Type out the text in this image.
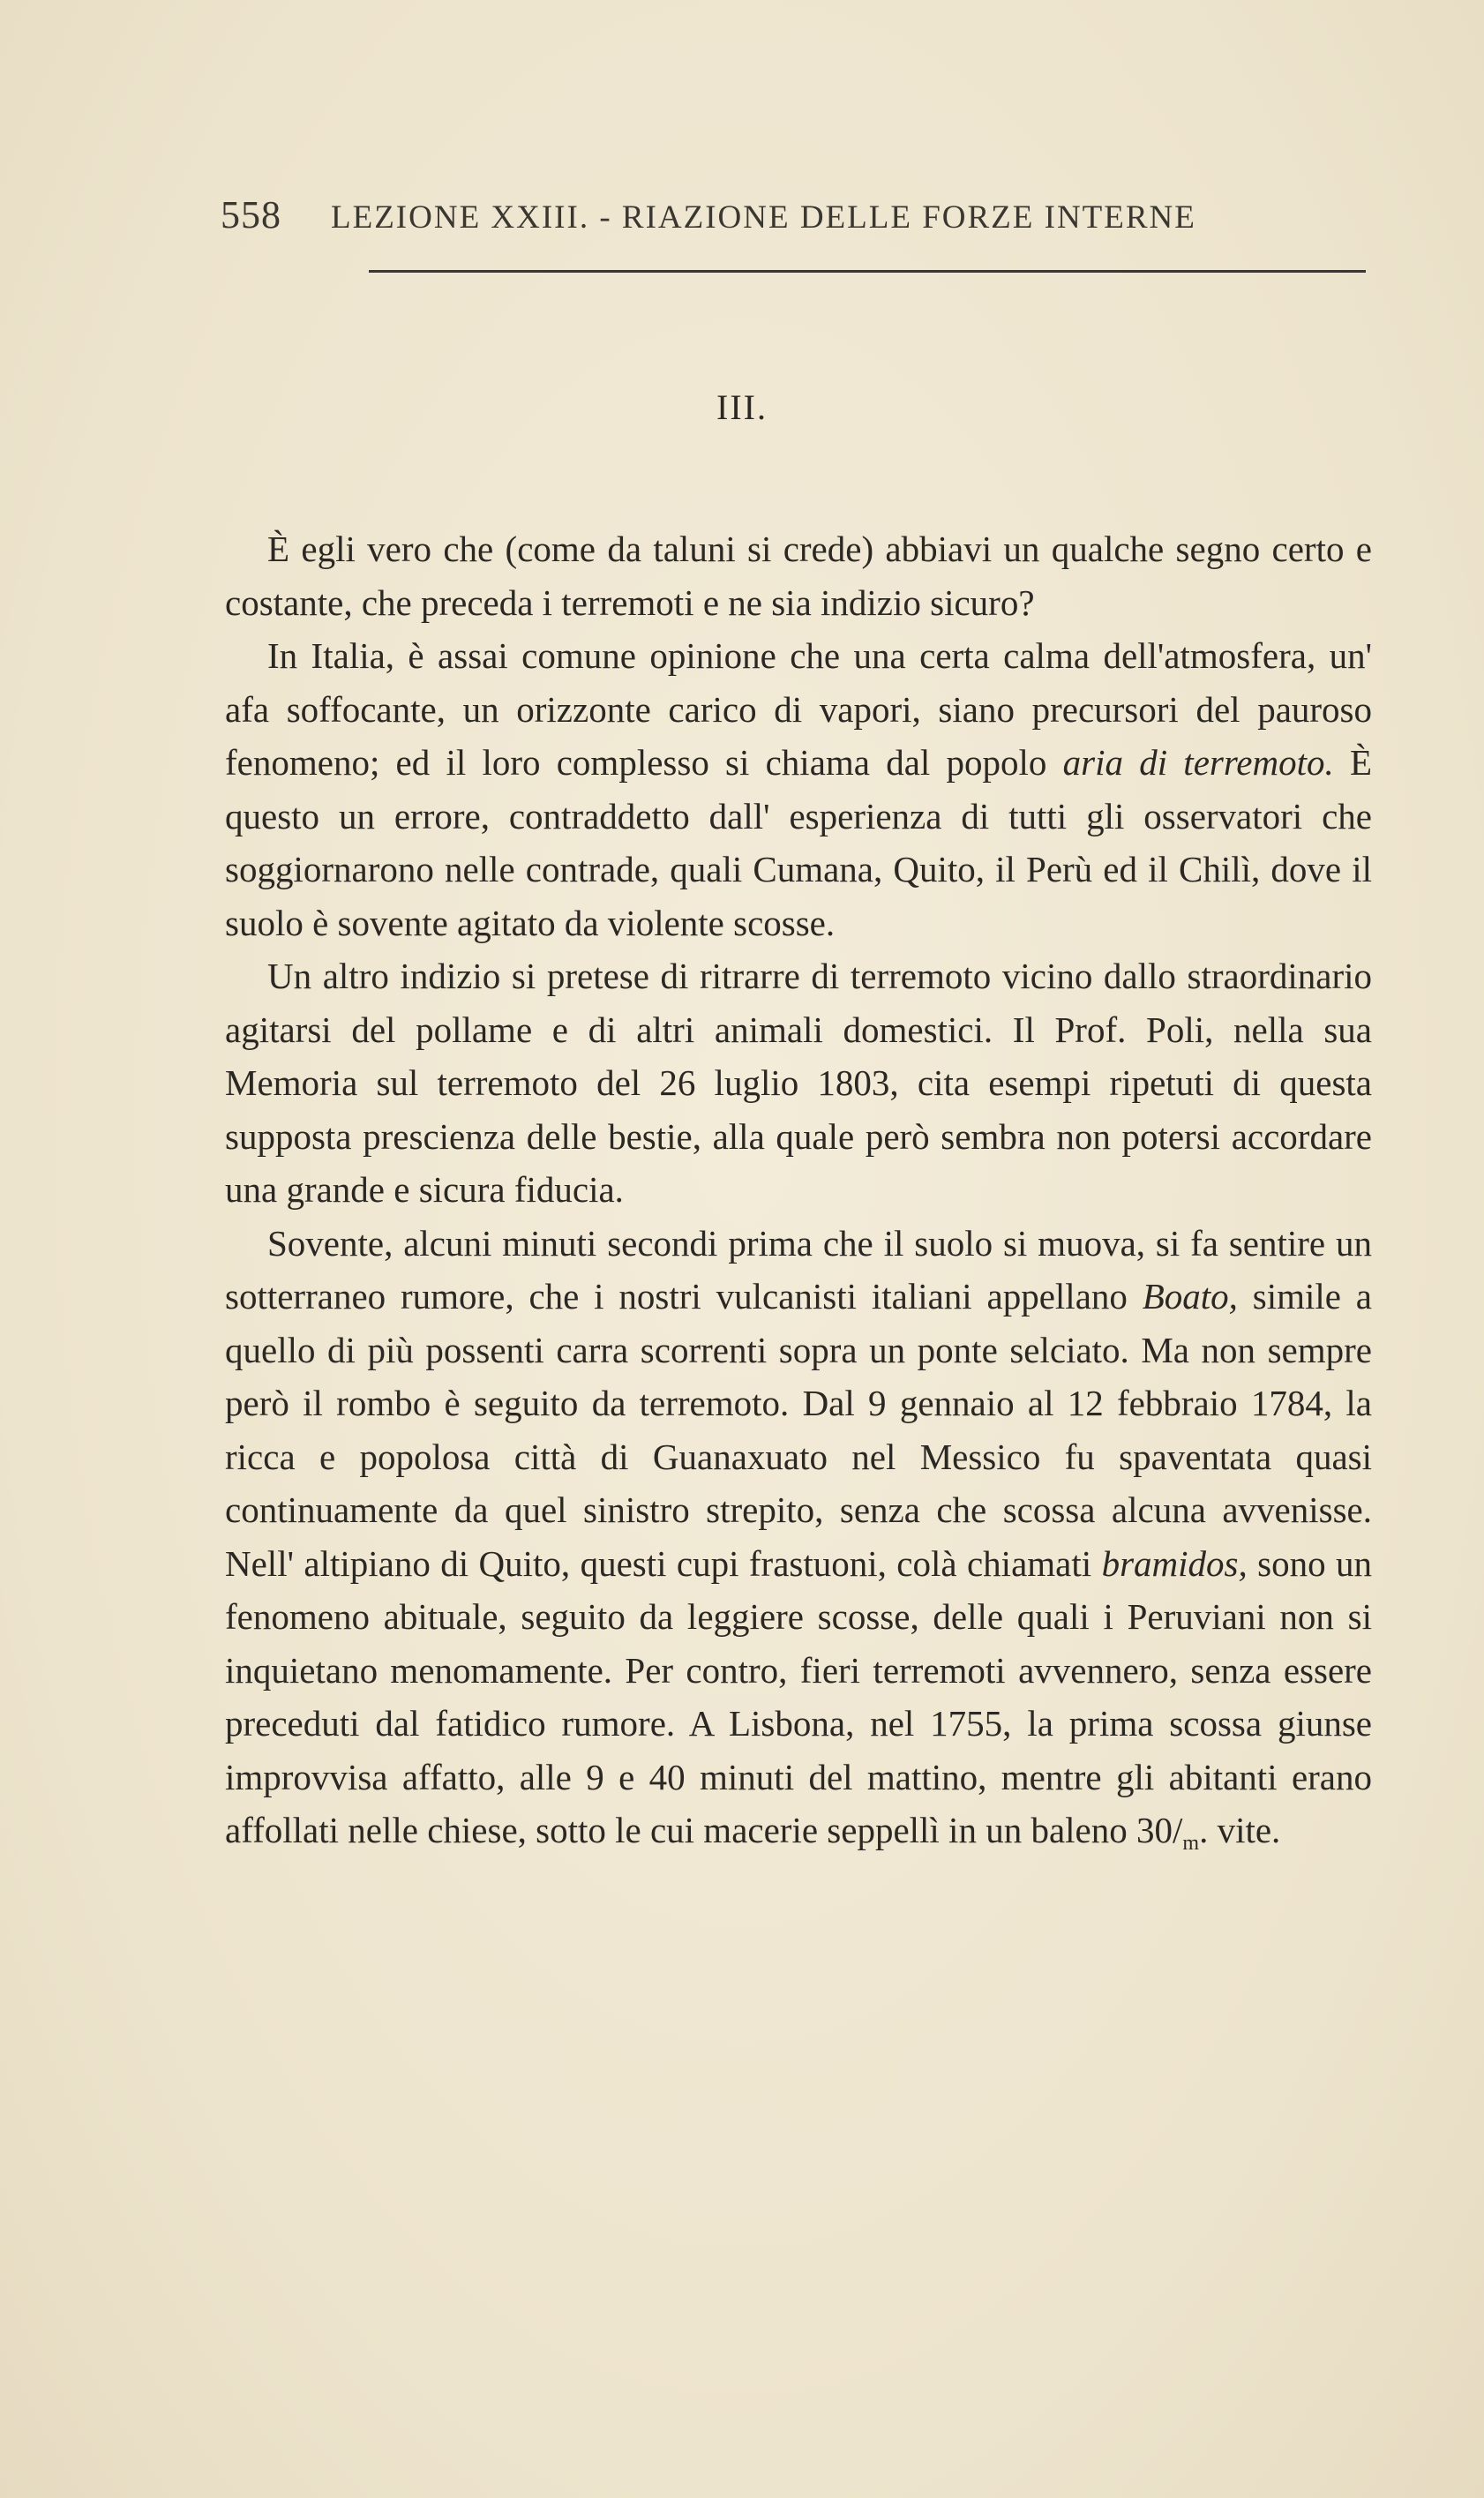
558 LEZIONE XXIII. - RIAZIONE DELLE FORZE INTERNE
III.

È egli vero che (come da taluni si crede) abbiavi un qualche segno certo e costante, che preceda i terremoti e ne sia indizio sicuro?

In Italia, è assai comune opinione che una certa calma dell'atmosfera, un' afa soffocante, un orizzonte carico di vapori, siano precursori del pauroso fenomeno; ed il loro complesso si chiama dal popolo aria di terremoto. È questo un errore, contraddetto dall' esperienza di tutti gli osservatori che soggiornarono nelle contrade, quali Cumana, Quito, il Perù ed il Chilì, dove il suolo è sovente agitato da violente scosse.

Un altro indizio si pretese di ritrarre di terremoto vicino dallo straordinario agitarsi del pollame e di altri animali domestici. Il Prof. Poli, nella sua Memoria sul terremoto del 26 luglio 1803, cita esempi ripetuti di questa supposta prescienza delle bestie, alla quale però sembra non potersi accordare una grande e sicura fiducia.

Sovente, alcuni minuti secondi prima che il suolo si muova, si fa sentire un sotterraneo rumore, che i nostri vulcanisti italiani appellano Boato, simile a quello di più possenti carra scorrenti sopra un ponte selciato. Ma non sempre però il rombo è seguito da terremoto. Dal 9 gennaio al 12 febbraio 1784, la ricca e popolosa città di Guanaxuato nel Messico fu spaventata quasi continuamente da quel sinistro strepito, senza che scossa alcuna avvenisse. Nell' altipiano di Quito, questi cupi frastuoni, colà chiamati bramidos, sono un fenomeno abituale, seguito da leggiere scosse, delle quali i Peruviani non si inquietano menomamente. Per contro, fieri terremoti avvennero, senza essere preceduti dal fatidico rumore. A Lisbona, nel 1755, la prima scossa giunse improvvisa affatto, alle 9 e 40 minuti del mattino, mentre gli abitanti erano affollati nelle chiese, sotto le cui macerie seppellì in un baleno 30/m. vite.
